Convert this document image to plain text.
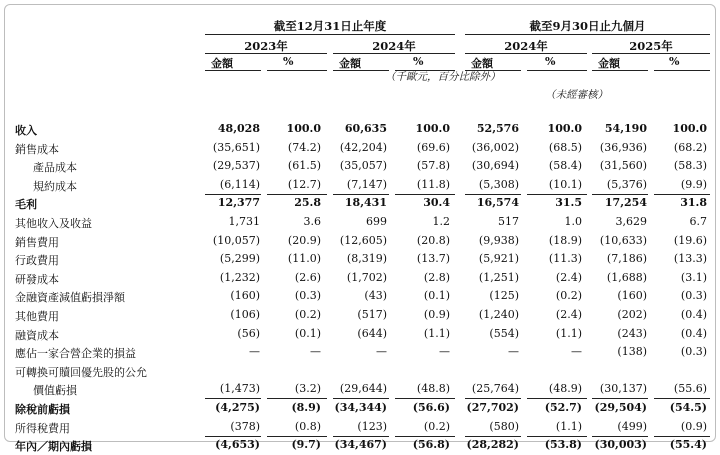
截至12月31日止年度	截至9月30日止九個月
2023年	2024年	2024年	2025年
金額	%	金額	%	金額	%	金額	%
（千歐元，百分比除外）
（未經審核）
收入	48,028 100.0 60,635	100.0 52,576	100.0 54,190 100.0
銷售成本	(35,651)	(74.2) (42,204)	(69.6) (36,002)	(68.5) (36,936) (68.2)
產品成本	(29,537)	(61.5) (35,057)	(57.8) (30,694)	(58.4) (31,560) (58.3)
規約成本	(6,114)	(12.7) (7,147)	(11.8)	(5,308)	(10.1) (5,376)	(9.9)
毛利	12,377	25.8 18,431	30.4 16,574	31.5 17,254	31.8
其他收入及收益	1,731	3.6	699	1.2	517	1.0	3,629	6.7
銷售費用	(10,057)	(20.9) (12,605)	(20.8)	(9,938)	(18.9) (10,633) (19.6)
行政費用	(5,299)	(11.0) (8,319)	(13.7)	(5,921)	(11.3) (7,186) (13.3)
研發成本	(1,232)	(2.6) (1,702)	(2.8)	(1,251)	(2.4) (1,688)	(3.1)
金融資產減值虧損淨額	(160)	(0.3)	(43)	(0.1)	(125)	(0.2)	(160)	(0.3)
其他費用	(106)	(0.2)	(517)	(0.9)	(1,240)	(2.4)	(202)	(0.4)
融資成本	(56)	(0.1)	(644)	(1.1)	(554)	(1.1)	(243)	(0.4)
應佔一家合營企業的損益	—	—	—	—	—	—	(138)	(0.3)
可轉換可贖回優先股的公允
價值虧損	(1,473)	(3.2) (29,644)	(48.8) (25,764)	(48.9) (30,137) (55.6)
除稅前虧損	(4,275)	(8.9) (34,344) (56.6) (27,702) (52.7) (29,504) (54.5)
所得稅費用	(378)	(0.8)	(123)	(0.2)	(580)	(1.1)	(499)	(0.9)
年內／期內虧損	(4,653)	(9.7) (34,467) (56.8) (28,282) (53.8) (30,003) (55.4)
